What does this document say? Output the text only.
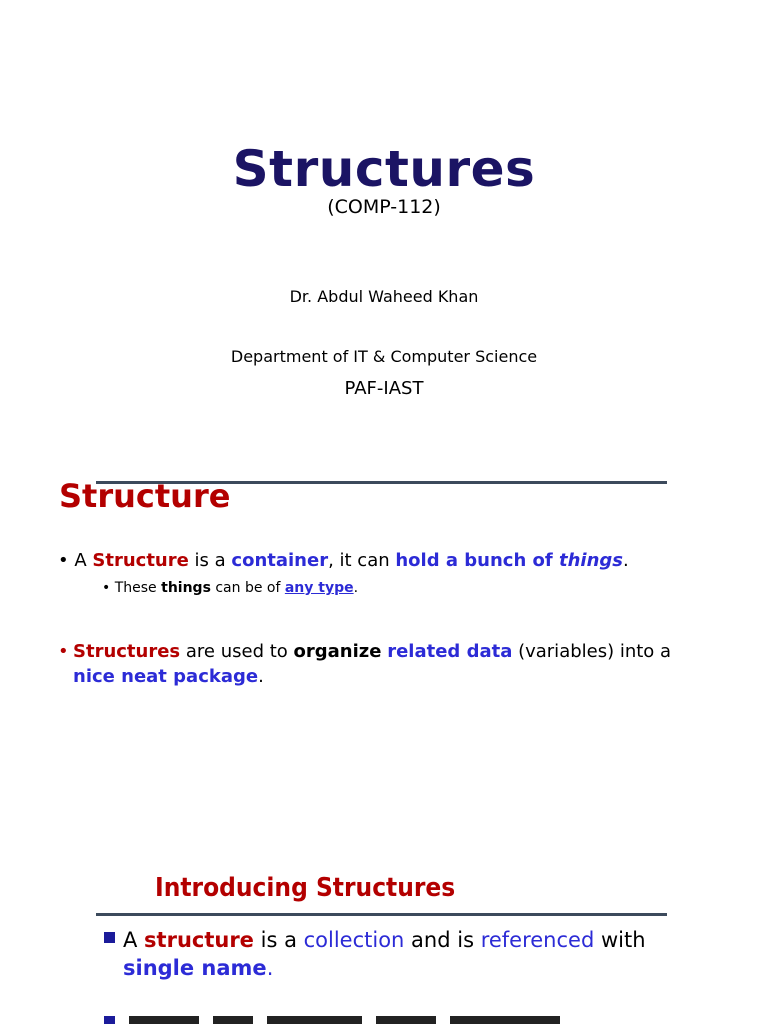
Structures
(COMP-112)
Dr. Abdul Waheed Khan
Department of IT & Computer Science
PAF-IAST
Structure
• A Structure is a container, it can hold a bunch of things.
• These things can be of any type.
• Structures are used to organize related data (variables) into a nice neat package.
Introducing Structures
A structure is a collection and is referenced with single name.
